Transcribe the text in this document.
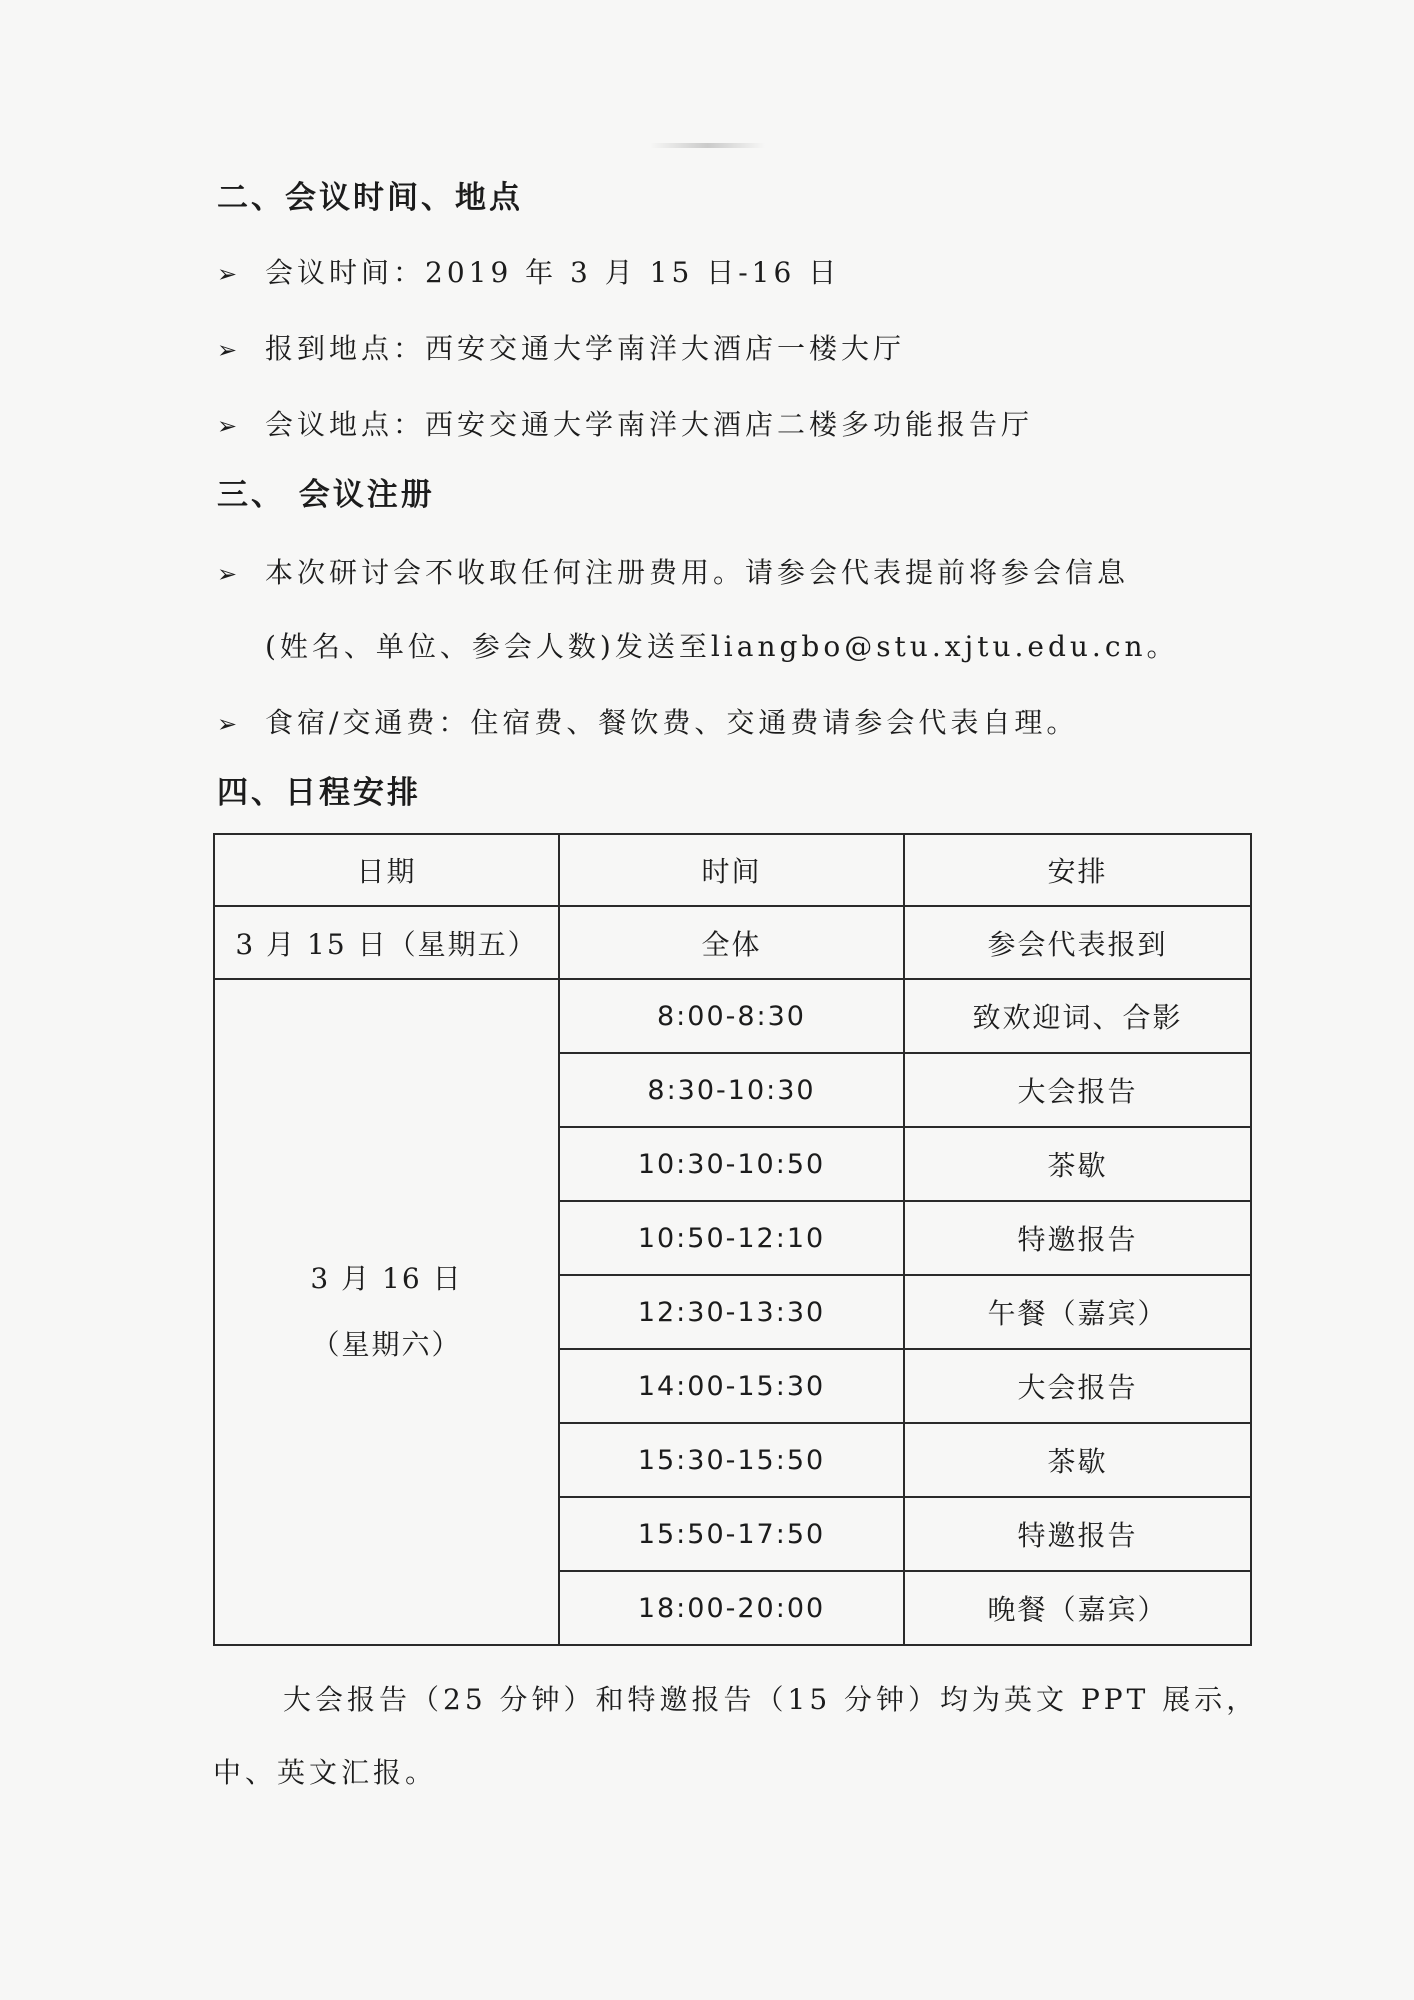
二、会议时间、地点
➢ 会议时间：2019 年 3 月 15 日-16 日
➢ 报到地点：西安交通大学南洋大酒店一楼大厅
➢ 会议地点：西安交通大学南洋大酒店二楼多功能报告厅
三、 会议注册
➢ 本次研讨会不收取任何注册费用。请参会代表提前将参会信息
(姓名、单位、参会人数)发送至liangbo@stu.xjtu.edu.cn。
➢ 食宿/交通费：住宿费、餐饮费、交通费请参会代表自理。
四、日程安排
日期	时间	安排
3 月 15 日（星期五）	全体	参会代表报到

3 月 16 日
（星期六）	8:00-8:30	致欢迎词、合影
	8:30-10:30	大会报告
	10:30-10:50	茶歇
	10:50-12:10	特邀报告
	12:30-13:30	午餐（嘉宾）
	14:00-15:30	大会报告
	15:30-15:50	茶歇
	15:50-17:50	特邀报告
	18:00-20:00	晚餐（嘉宾）
大会报告（25 分钟）和特邀报告（15 分钟）均为英文 PPT 展示，
中、英文汇报。
